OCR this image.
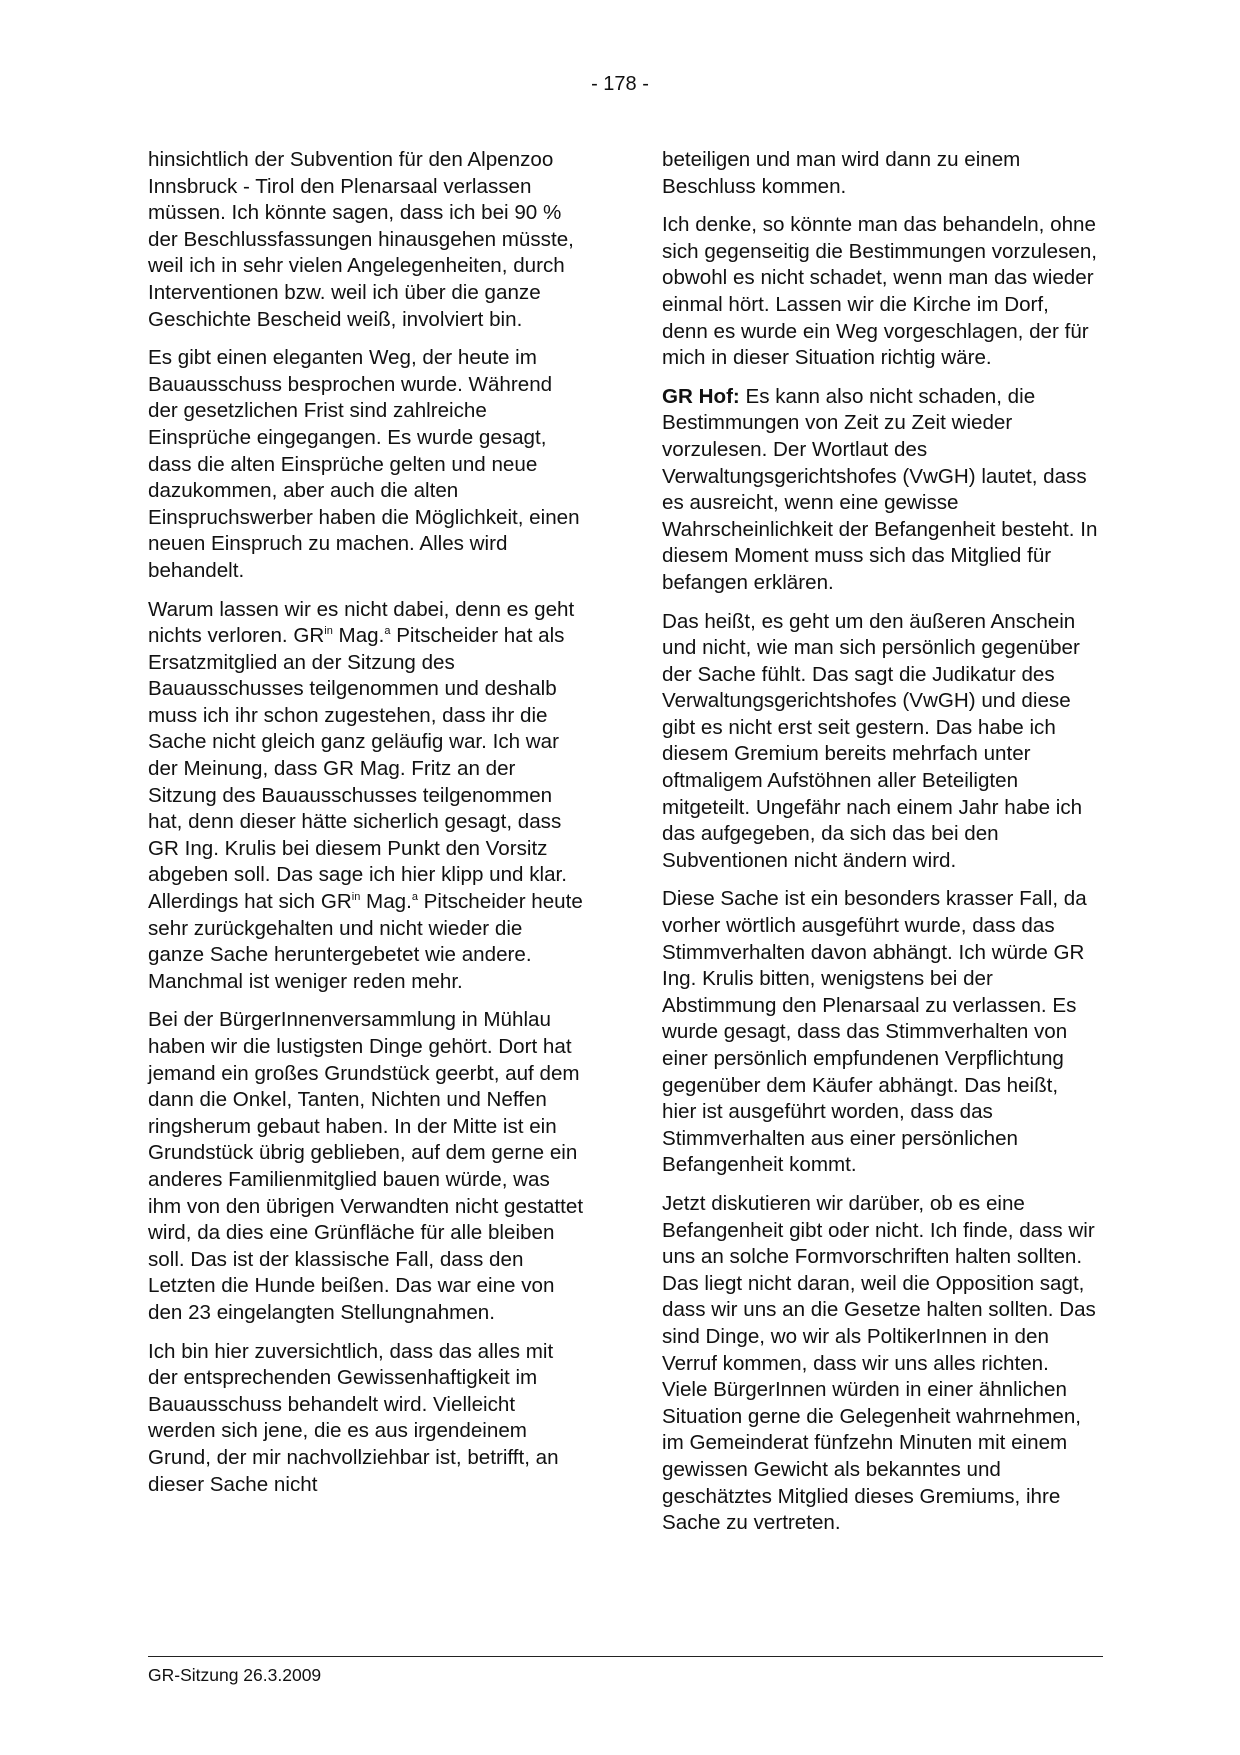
- 178 -

hinsichtlich der Subvention für den Alpenzoo Innsbruck - Tirol den Plenarsaal verlassen müssen. Ich könnte sagen, dass ich bei 90 % der Beschlussfassungen hinausgehen müsste, weil ich in sehr vielen Angelegenheiten, durch Interventionen bzw. weil ich über die ganze Geschichte Bescheid weiß, involviert bin.

Es gibt einen eleganten Weg, der heute im Bauausschuss besprochen wurde. Während der gesetzlichen Frist sind zahlreiche Einsprüche eingegangen. Es wurde gesagt, dass die alten Einsprüche gelten und neue dazukommen, aber auch die alten Einspruchswerber haben die Möglichkeit, einen neuen Einspruch zu machen. Alles wird behandelt.

Warum lassen wir es nicht dabei, denn es geht nichts verloren. $GR^{in}$ Mag.$^a$ Pitscheider hat als Ersatzmitglied an der Sitzung des Bauausschusses teilgenommen und deshalb muss ich ihr schon zugestehen, dass ihr die Sache nicht gleich ganz geläufig war. Ich war der Meinung, dass GR Mag. Fritz an der Sitzung des Bauausschusses teilgenommen hat, denn dieser hätte sicherlich gesagt, dass GR Ing. Krulis bei diesem Punkt den Vorsitz abgeben soll. Das sage ich hier klipp und klar. Allerdings hat sich $GR^{in}$ Mag.$^a$ Pitscheider heute sehr zurückgehalten und nicht wieder die ganze Sache heruntergebetet wie andere. Manchmal ist weniger reden mehr.

Bei der BürgerInnenversammlung in Mühlau haben wir die lustigsten Dinge gehört. Dort hat jemand ein großes Grundstück geerbt, auf dem dann die Onkel, Tanten, Nichten und Neffen ringsherum gebaut haben. In der Mitte ist ein Grundstück übrig geblieben, auf dem gerne ein anderes Familienmitglied bauen würde, was ihm von den übrigen Verwandten nicht gestattet wird, da dies eine Grünfläche für alle bleiben soll. Das ist der klassische Fall, dass den Letzten die Hunde beißen. Das war eine von den 23 eingelangten Stellungnahmen.

Ich bin hier zuversichtlich, dass das alles mit der entsprechenden Gewissenhaftigkeit im Bauausschuss behandelt wird. Vielleicht werden sich jene, die es aus irgendeinem Grund, der mir nachvollziehbar ist, betrifft, an dieser Sache nicht

beteiligen und man wird dann zu einem Beschluss kommen.

Ich denke, so könnte man das behandeln, ohne sich gegenseitig die Bestimmungen vorzulesen, obwohl es nicht schadet, wenn man das wieder einmal hört. Lassen wir die Kirche im Dorf, denn es wurde ein Weg vorgeschlagen, der für mich in dieser Situation richtig wäre.

GR Hof: Es kann also nicht schaden, die Bestimmungen von Zeit zu Zeit wieder vorzulesen. Der Wortlaut des Verwaltungsgerichtshofes (VwGH) lautet, dass es ausreicht, wenn eine gewisse Wahrscheinlichkeit der Befangenheit besteht. In diesem Moment muss sich das Mitglied für befangen erklären.

Das heißt, es geht um den äußeren Anschein und nicht, wie man sich persönlich gegenüber der Sache fühlt. Das sagt die Judikatur des Verwaltungsgerichtshofes (VwGH) und diese gibt es nicht erst seit gestern. Das habe ich diesem Gremium bereits mehrfach unter oftmaligem Aufstöhnen aller Beteiligten mitgeteilt. Ungefähr nach einem Jahr habe ich das aufgegeben, da sich das bei den Subventionen nicht ändern wird.

Diese Sache ist ein besonders krasser Fall, da vorher wörtlich ausgeführt wurde, dass das Stimmverhalten davon abhängt. Ich würde GR Ing. Krulis bitten, wenigstens bei der Abstimmung den Plenarsaal zu verlassen. Es wurde gesagt, dass das Stimmverhalten von einer persönlich empfundenen Verpflichtung gegenüber dem Käufer abhängt. Das heißt, hier ist ausgeführt worden, dass das Stimmverhalten aus einer persönlichen Befangenheit kommt.

Jetzt diskutieren wir darüber, ob es eine Befangenheit gibt oder nicht. Ich finde, dass wir uns an solche Formvorschriften halten sollten. Das liegt nicht daran, weil die Opposition sagt, dass wir uns an die Gesetze halten sollten. Das sind Dinge, wo wir als PoltikerInnen in den Verruf kommen, dass wir uns alles richten. Viele BürgerInnen würden in einer ähnlichen Situation gerne die Gelegenheit wahrnehmen, im Gemeinderat fünfzehn Minuten mit einem gewissen Gewicht als bekanntes und geschätztes Mitglied dieses Gremiums, ihre Sache zu vertreten.

GR-Sitzung 26.3.2009
